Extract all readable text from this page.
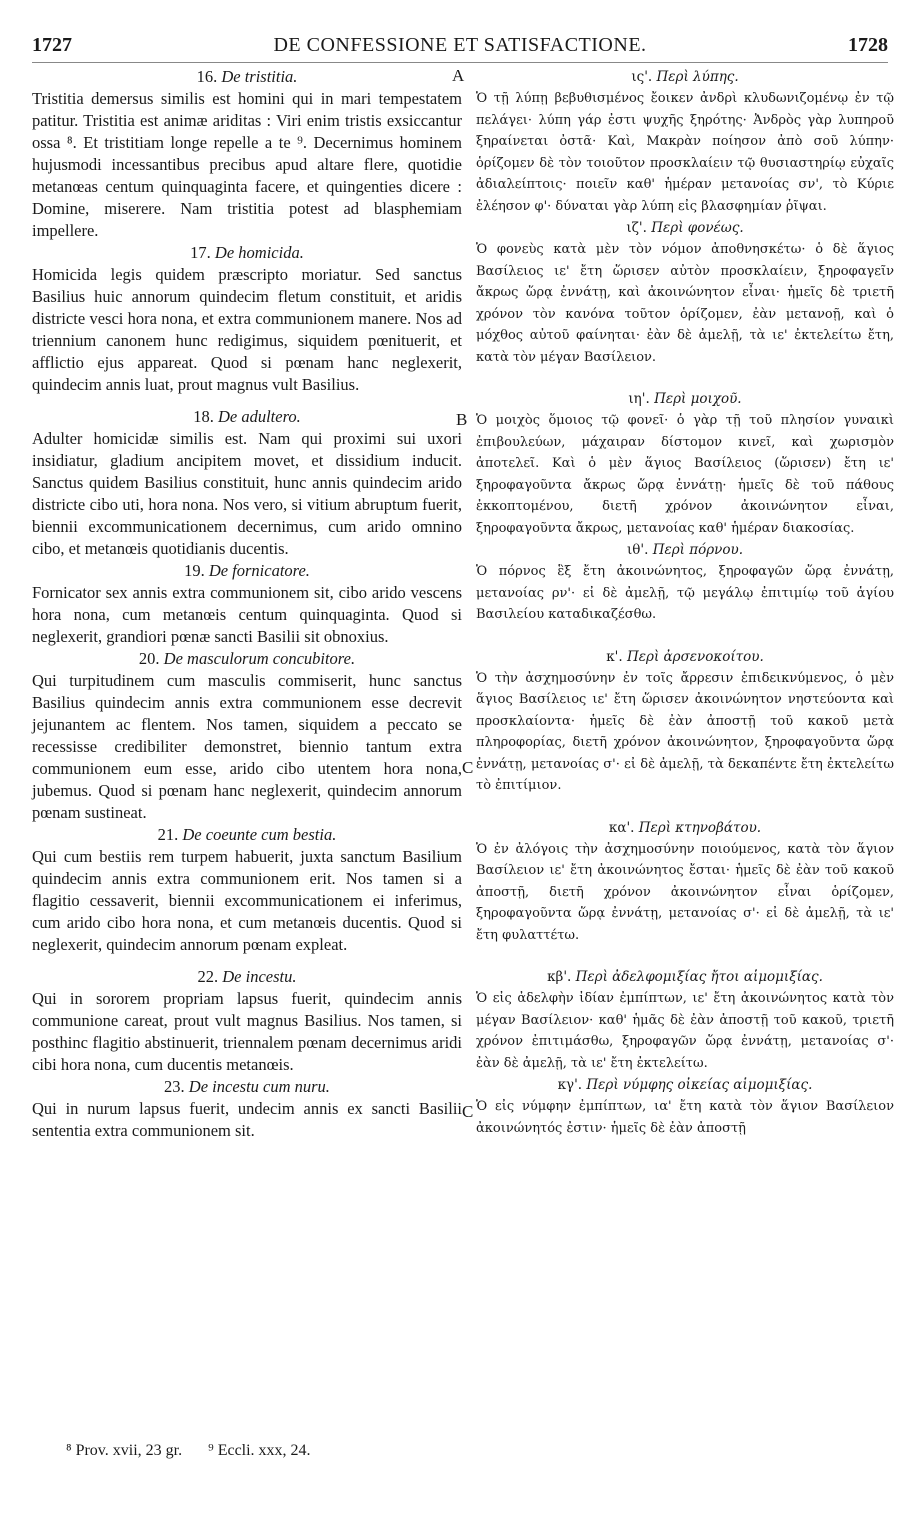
1727	DE CONFESSIONE ET SATISFACTIONE.	1728
A
B
C
C

16. De tristitia.

Tristitia demersus similis est homini qui in mari tempestatem patitur. Tristitia est animæ ariditas : Viri enim tristis exsiccantur ossa ⁸. Et tristitiam longe repelle a te ⁹. Decernimus hominem hujusmodi incessantibus precibus apud altare flere, quotidie metanœas centum quinquaginta facere, et quingenties dicere : Domine, miserere. Nam tristitia potest ad blasphemiam impellere.

17. De homicida.

Homicida legis quidem præscripto moriatur. Sed sanctus Basilius huic annorum quindecim fletum constituit, et aridis districte vesci hora nona, et extra communionem manere. Nos ad triennium canonem hunc redigimus, siquidem pœnituerit, et afflictio ejus appareat. Quod si pœnam hanc neglexerit, quindecim annis luat, prout magnus vult Basilius.

18. De adultero.

Adulter homicidæ similis est. Nam qui proximi sui uxori insidiatur, gladium ancipitem movet, et dissidium inducit. Sanctus quidem Basilius constituit, hunc annis quindecim arido districte cibo uti, hora nona. Nos vero, si vitium abruptum fuerit, biennii excommunicationem decernimus, cum arido omnino cibo, et metanœis quotidianis ducentis.

19. De fornicatore.

Fornicator sex annis extra communionem sit, cibo arido vescens hora nona, cum metanœis centum quinquaginta. Quod si neglexerit, grandiori pœnæ sancti Basilii sit obnoxius.

20. De masculorum concubitore.

Qui turpitudinem cum masculis commiserit, hunc sanctus Basilius quindecim annis extra communionem esse decrevit jejunantem ac flentem. Nos tamen, siquidem a peccato se recessisse credibiliter demonstret, biennio tantum extra communionem eum esse, arido cibo utentem hora nona, jubemus. Quod si pœnam hanc neglexerit, quindecim annorum pœnam sustineat.

21. De coeunte cum bestia.

Qui cum bestiis rem turpem habuerit, juxta sanctum Basilium quindecim annis extra communionem erit. Nos tamen si a flagitio cessaverit, biennii excommunicationem ei inferimus, cum arido cibo hora nona, et cum metanœis ducentis. Quod si neglexerit, quindecim annorum pœnam expleat.

22. De incestu.

Qui in sororem propriam lapsus fuerit, quindecim annis communione careat, prout vult magnus Basilius. Nos tamen, si posthinc flagitio abstinuerit, triennalem pœnam decernimus aridi cibi hora nona, cum ducentis metanœis.

23. De incestu cum nuru.

Qui in nurum lapsus fuerit, undecim annis ex sancti Basilii sententia extra communionem sit.

ις'. Περὶ λύπης.

Ὁ τῇ λύπῃ βεβυθισμένος ἔοικεν ἀνδρὶ κλυδωνιζομένῳ ἐν τῷ πελάγει· λύπη γάρ ἐστι ψυχῆς ξηρότης· Ἀνδρὸς γὰρ λυπηροῦ ξηραίνεται ὀστᾶ· Καὶ, Μακρὰν ποίησον ἀπὸ σοῦ λύπην· ὁρίζομεν δὲ τὸν τοιοῦτον προσκλαίειν τῷ θυσιαστηρίῳ εὐχαῖς ἀδιαλείπτοις· ποιεῖν καθ' ἡμέραν μετανοίας σν', τὸ Κύριε ἐλέησον φ'· δύναται γὰρ λύπη εἰς βλασφημίαν ῥῖψαι.

ιζ'. Περὶ φονέως.

Ὁ φονεὺς κατὰ μὲν τὸν νόμον ἀποθνησκέτω· ὁ δὲ ἅγιος Βασίλειος ιε' ἔτη ὥρισεν αὐτὸν προσκλαίειν, ξηροφαγεῖν ἄκρως ὥρᾳ ἐννάτῃ, καὶ ἀκοινώνητον εἶναι· ἡμεῖς δὲ τριετῆ χρόνον τὸν κανόνα τοῦτον ὁρίζομεν, ἐὰν μετανοῇ, καὶ ὁ μόχθος αὐτοῦ φαίνηται· ἐὰν δὲ ἀμελῇ, τὰ ιε' ἐκτελείτω ἔτη, κατὰ τὸν μέγαν Βασίλειον.

ιη'. Περὶ μοιχοῦ.

Ὁ μοιχὸς ὅμοιος τῷ φονεῖ· ὁ γὰρ τῇ τοῦ πλησίον γυναικὶ ἐπιβουλεύων, μάχαιραν δίστομον κινεῖ, καὶ χωρισμὸν ἀποτελεῖ. Καὶ ὁ μὲν ἅγιος Βασίλειος (ὥρισεν) ἔτη ιε' ξηροφαγοῦντα ἄκρως ὥρᾳ ἐννάτῃ· ἡμεῖς δὲ τοῦ πάθους ἐκκοπτομένου, διετῆ χρόνον ἀκοινώνητον εἶναι, ξηροφαγοῦντα ἄκρως, μετανοίας καθ' ἡμέραν διακοσίας.

ιθ'. Περὶ πόρνου.

Ὁ πόρνος ἓξ ἔτη ἀκοινώνητος, ξηροφαγῶν ὥρᾳ ἐννάτῃ, μετανοίας ρν'· εἰ δὲ ἀμελῇ, τῷ μεγάλῳ ἐπιτιμίῳ τοῦ ἁγίου Βασιλείου καταδικαζέσθω.

κ'. Περὶ ἀρσενοκοίτου.

Ὁ τὴν ἀσχημοσύνην ἐν τοῖς ἄρρεσιν ἐπιδεικνύμενος, ὁ μὲν ἅγιος Βασίλειος ιε' ἔτη ὥρισεν ἀκοινώνητον νηστεύοντα καὶ προσκλαίοντα· ἡμεῖς δὲ ἐὰν ἀποστῇ τοῦ κακοῦ μετὰ πληροφορίας, διετῆ χρόνον ἀκοινώνητον, ξηροφαγοῦντα ὥρᾳ ἐννάτῃ, μετανοίας σ'· εἰ δὲ ἀμελῇ, τὰ δεκαπέντε ἔτη ἐκτελείτω τὸ ἐπιτίμιον.

κα'. Περὶ κτηνοβάτου.

Ὁ ἐν ἀλόγοις τὴν ἀσχημοσύνην ποιούμενος, κατὰ τὸν ἅγιον Βασίλειον ιε' ἔτη ἀκοινώνητος ἔσται· ἡμεῖς δὲ ἐὰν τοῦ κακοῦ ἀποστῇ, διετῆ χρόνον ἀκοινώνητον εἶναι ὁρίζομεν, ξηροφαγοῦντα ὥρᾳ ἐννάτῃ, μετανοίας σ'· εἰ δὲ ἀμελῇ, τὰ ιε' ἔτη φυλαττέτω.

κβ'. Περὶ ἀδελφομιξίας ἤτοι αἱμομιξίας.

Ὁ εἰς ἀδελφὴν ἰδίαν ἐμπίπτων, ιε' ἔτη ἀκοινώνητος κατὰ τὸν μέγαν Βασίλειον· καθ' ἡμᾶς δὲ ἐὰν ἀποστῇ τοῦ κακοῦ, τριετῆ χρόνον ἐπιτιμάσθω, ξηροφαγῶν ὥρᾳ ἐννάτῃ, μετανοίας σ'· ἐὰν δὲ ἀμελῇ, τὰ ιε' ἔτη ἐκτελείτω.

κγ'. Περὶ νύμφης οἰκείας αἱμομιξίας.

Ὁ εἰς νύμφην ἐμπίπτων, ια' ἔτη κατὰ τὸν ἅγιον Βασίλειον ἀκοινώνητός ἐστιν· ἡμεῖς δὲ ἐὰν ἀποστῇ

⁸ Prov. xvii, 23 gr. ⁹ Eccli. xxx, 24.
